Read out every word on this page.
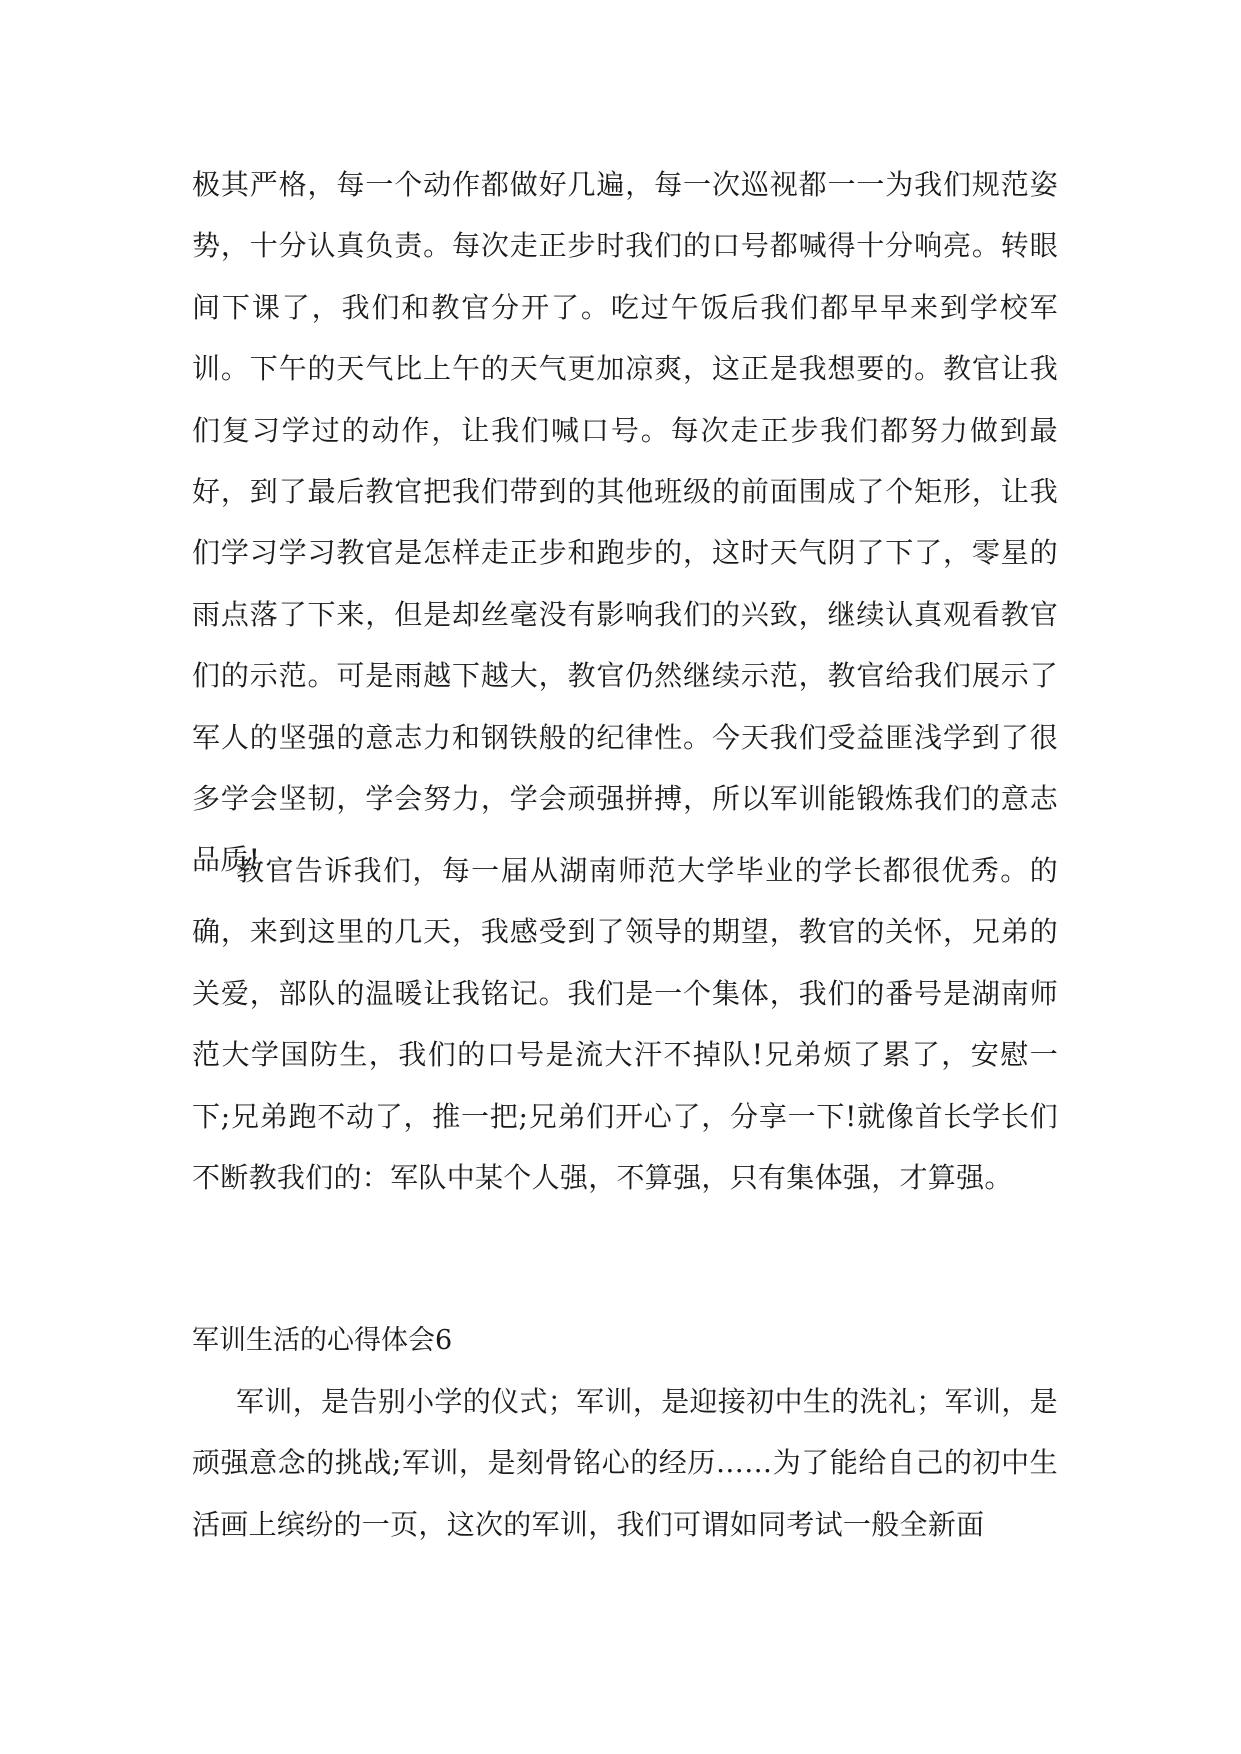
极其严格，每一个动作都做好几遍，每一次巡视都一一为我们规范姿势，十分认真负责。每次走正步时我们的口号都喊得十分响亮。转眼间下课了，我们和教官分开了。吃过午饭后我们都早早来到学校军训。下午的天气比上午的天气更加凉爽，这正是我想要的。教官让我们复习学过的动作，让我们喊口号。每次走正步我们都努力做到最好，到了最后教官把我们带到的其他班级的前面围成了个矩形，让我们学习学习教官是怎样走正步和跑步的，这时天气阴了下了，零星的雨点落了下来，但是却丝毫没有影响我们的兴致，继续认真观看教官们的示范。可是雨越下越大，教官仍然继续示范，教官给我们展示了军人的坚强的意志力和钢铁般的纪律性。今天我们受益匪浅学到了很多学会坚韧，学会努力，学会顽强拼搏，所以军训能锻炼我们的意志品质!

教官告诉我们，每一届从湖南师范大学毕业的学长都很优秀。的确，来到这里的几天，我感受到了领导的期望，教官的关怀，兄弟的关爱，部队的温暖让我铭记。我们是一个集体，我们的番号是湖南师范大学国防生，我们的口号是流大汗不掉队!兄弟烦了累了，安慰一下;兄弟跑不动了，推一把;兄弟们开心了，分享一下!就像首长学长们不断教我们的：军队中某个人强，不算强，只有集体强，才算强。

军训生活的心得体会6

军训，是告别小学的仪式；军训，是迎接初中生的洗礼；军训，是顽强意念的挑战;军训，是刻骨铭心的经历……为了能给自己的初中生活画上缤纷的一页，这次的军训，我们可谓如同考试一般全新面
